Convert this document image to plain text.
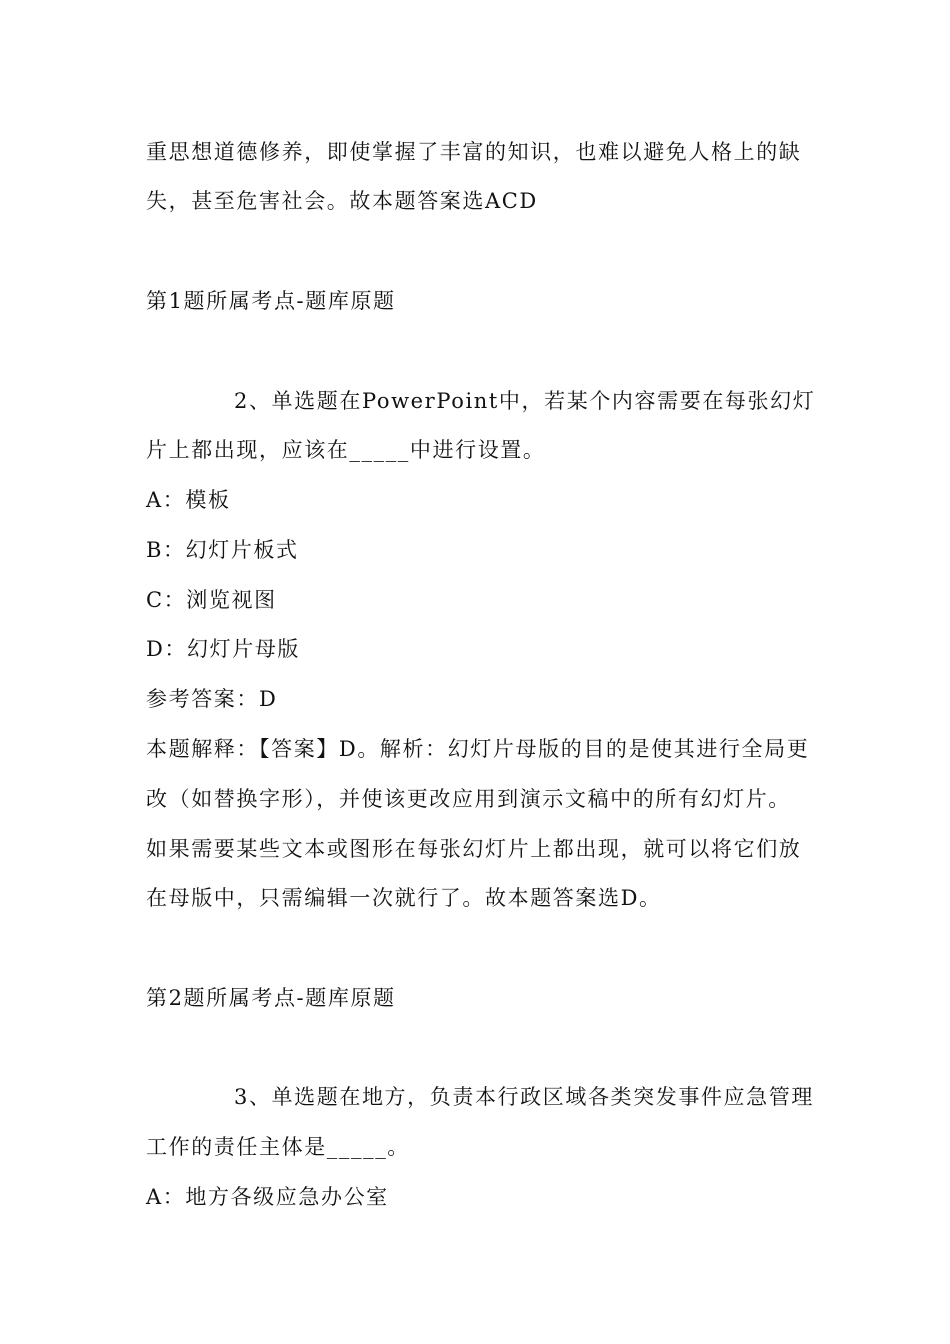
重思想道德修养，即使掌握了丰富的知识，也难以避免人格上的缺
失，甚至危害社会。故本题答案选ACD
第1题所属考点-题库原题
2、单选题在PowerPoint中，若某个内容需要在每张幻灯
片上都出现，应该在_____中进行设置。
A：模板
B：幻灯片板式
C：浏览视图
D：幻灯片母版
参考答案：D
本题解释：【答案】D。解析：幻灯片母版的目的是使其进行全局更
改（如替换字形），并使该更改应用到演示文稿中的所有幻灯片。
如果需要某些文本或图形在每张幻灯片上都出现，就可以将它们放
在母版中，只需编辑一次就行了。故本题答案选D。
第2题所属考点-题库原题
3、单选题在地方，负责本行政区域各类突发事件应急管理
工作的责任主体是_____。
A：地方各级应急办公室
